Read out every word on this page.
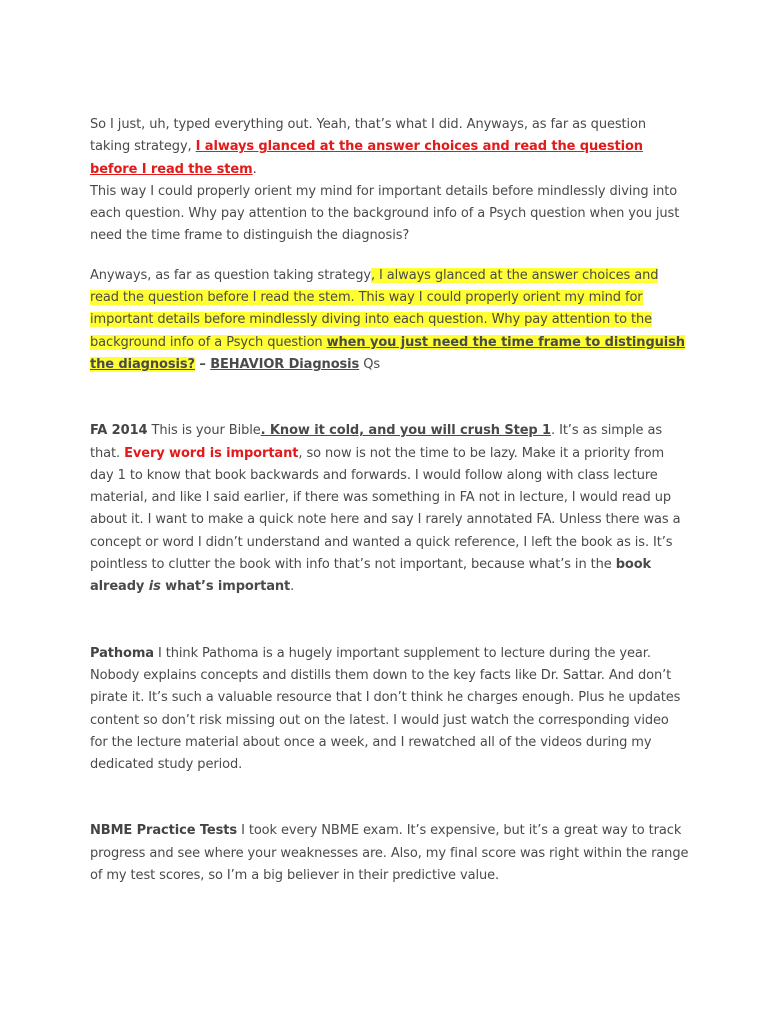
So I just, uh, typed everything out. Yeah, that’s what I did. Anyways, as far as question taking strategy, I always glanced at the answer choices and read the question before I read the stem.

This way I could properly orient my mind for important details before mindlessly diving into each question. Why pay attention to the background info of a Psych question when you just need the time frame to distinguish the diagnosis?

Anyways, as far as question taking strategy, I always glanced at the answer choices and read the question before I read the stem. This way I could properly orient my mind for important details before mindlessly diving into each question. Why pay attention to the background info of a Psych question when you just need the time frame to distinguish the diagnosis? – BEHAVIOR Diagnosis Qs

FA 2014 This is your Bible. Know it cold, and you will crush Step 1. It’s as simple as that. Every word is important, so now is not the time to be lazy. Make it a priority from day 1 to know that book backwards and forwards. I would follow along with class lecture material, and like I said earlier, if there was something in FA not in lecture, I would read up about it. I want to make a quick note here and say I rarely annotated FA. Unless there was a concept or word I didn’t understand and wanted a quick reference, I left the book as is. It’s pointless to clutter the book with info that’s not important, because what’s in the book already is what’s important.

Pathoma I think Pathoma is a hugely important supplement to lecture during the year. Nobody explains concepts and distills them down to the key facts like Dr. Sattar. And don’t pirate it. It’s such a valuable resource that I don’t think he charges enough. Plus he updates content so don’t risk missing out on the latest. I would just watch the corresponding video for the lecture material about once a week, and I rewatched all of the videos during my dedicated study period.

NBME Practice Tests I took every NBME exam. It’s expensive, but it’s a great way to track progress and see where your weaknesses are. Also, my final score was right within the range of my test scores, so I’m a big believer in their predictive value.
